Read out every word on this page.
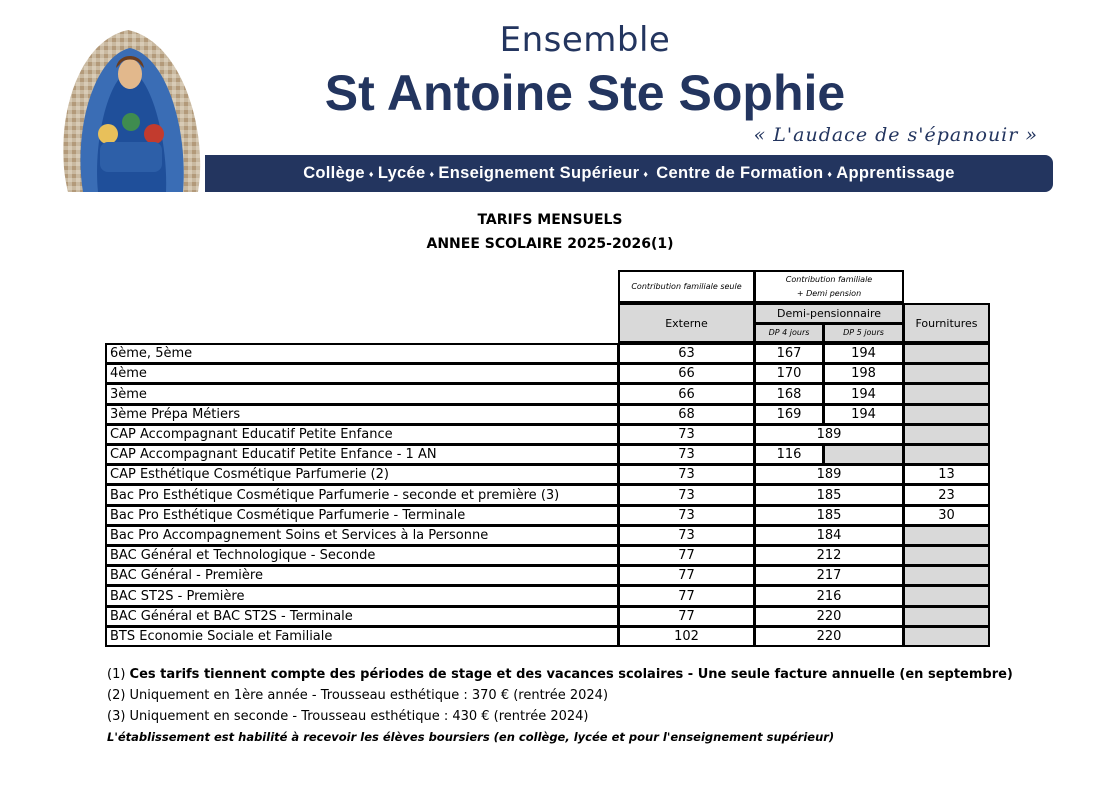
Ensemble
St Antoine Ste Sophie
« L'audace de s'épanouir »
Collège ♦ Lycée ♦ Enseignement Supérieur ♦ Centre de Formation ♦ Apprentissage
TARIFS MENSUELS
ANNEE SCOLAIRE 2025-2026(1)
Contribution familiale seule
Contribution familiale
+ Demi pension
Externe
Demi-pensionnaire
DP 4 jours	DP 5 jours
Fournitures
6ème, 5ème	63	167	194
4ème	66	170	198
3ème	66	168	194
3ème Prépa Métiers	68	169	194
CAP Accompagnant Educatif Petite Enfance	73	189
CAP Accompagnant Educatif Petite Enfance - 1 AN	73	116
CAP Esthétique Cosmétique Parfumerie (2)	73	189	13
Bac Pro Esthétique Cosmétique Parfumerie - seconde et première (3)	73	185	23
Bac Pro Esthétique Cosmétique Parfumerie - Terminale	73	185	30
Bac Pro Accompagnement Soins et Services à la Personne	73	184
BAC Général et Technologique - Seconde	77	212
BAC Général - Première	77	217
BAC ST2S - Première	77	216
BAC Général et BAC ST2S - Terminale	77	220
BTS Economie Sociale et Familiale	102	220
(1) Ces tarifs tiennent compte des périodes de stage et des vacances scolaires - Une seule facture annuelle (en septembre)
(2) Uniquement en 1ère année - Trousseau esthétique : 370 € (rentrée 2024)
(3) Uniquement en seconde - Trousseau esthétique : 430 € (rentrée 2024)
L'établissement est habilité à recevoir les élèves boursiers (en collège, lycée et pour l'enseignement supérieur)
